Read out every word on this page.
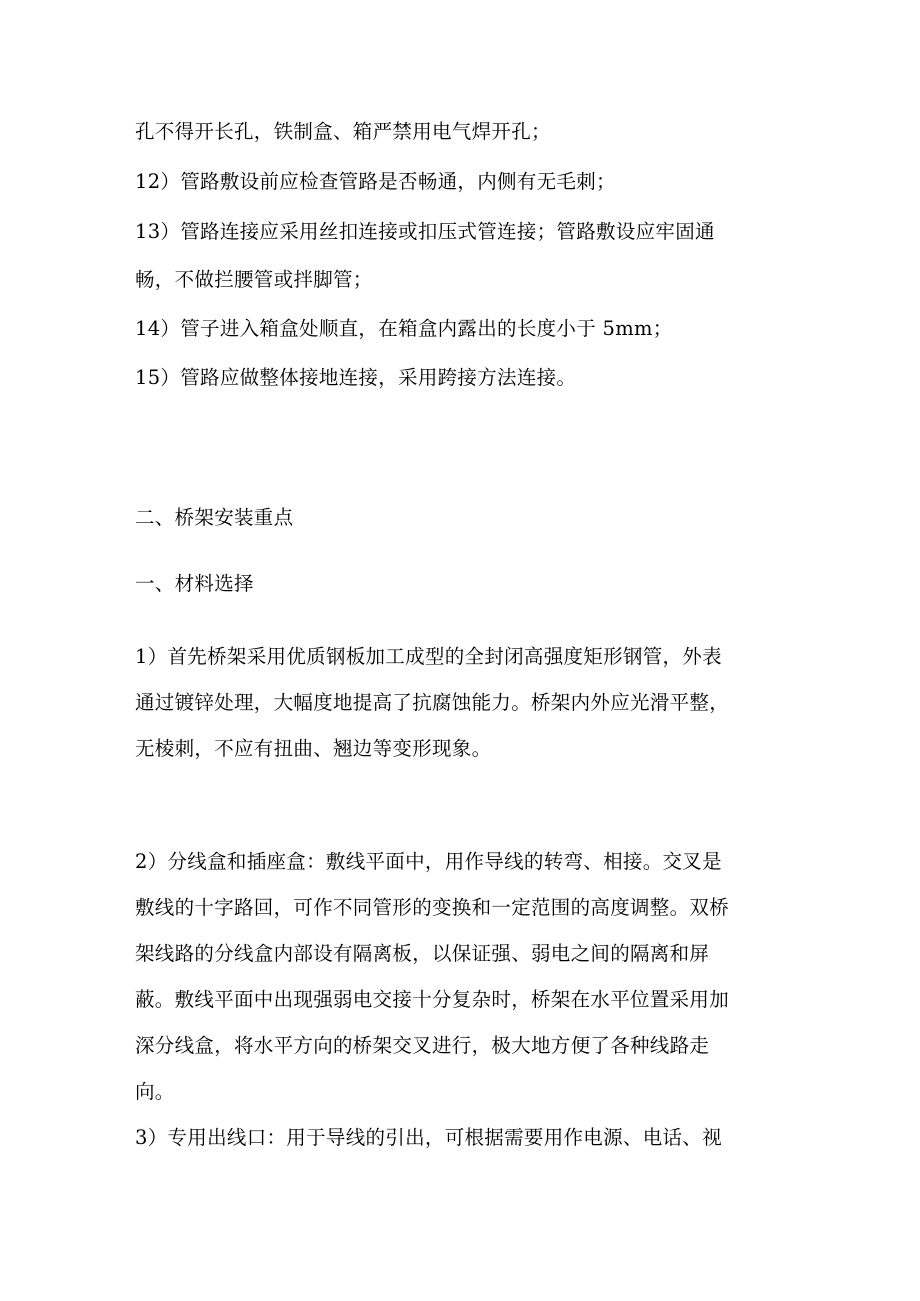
孔不得开长孔，铁制盒、箱严禁用电气焊开孔；
12）管路敷设前应检查管路是否畅通，内侧有无毛刺；
13）管路连接应采用丝扣连接或扣压式管连接；管路敷设应牢固通
畅，不做拦腰管或拌脚管；
14）管子进入箱盒处顺直，在箱盒内露出的长度小于 5mm；
15）管路应做整体接地连接，采用跨接方法连接。
二、桥架安装重点
一、材料选择
1）首先桥架采用优质钢板加工成型的全封闭高强度矩形钢管，外表
通过镀锌处理，大幅度地提高了抗腐蚀能力。桥架内外应光滑平整，
无棱刺，不应有扭曲、翘边等变形现象。
2）分线盒和插座盒：敷线平面中，用作导线的转弯、相接。交叉是
敷线的十字路回，可作不同管形的变换和一定范围的高度调整。双桥
架线路的分线盒内部设有隔离板，以保证强、弱电之间的隔离和屏
蔽。敷线平面中出现强弱电交接十分复杂时，桥架在水平位置采用加
深分线盒，将水平方向的桥架交叉进行，极大地方便了各种线路走
向。
3）专用出线口：用于导线的引出，可根据需要用作电源、电话、视
